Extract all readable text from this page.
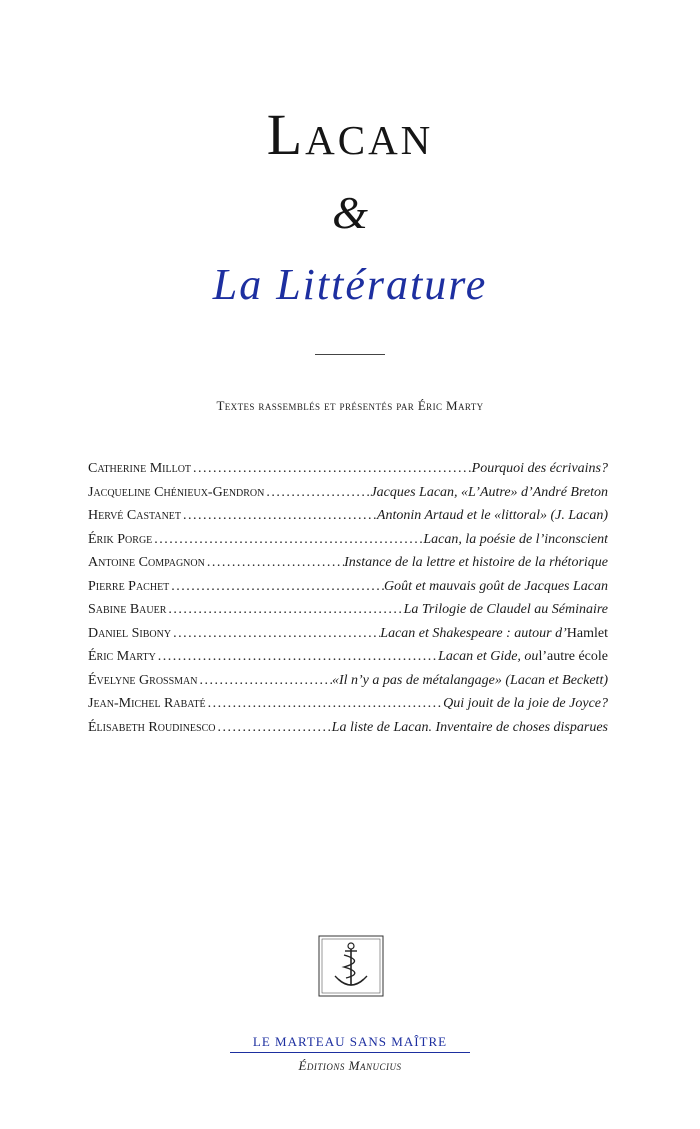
Lacan
&
La Littérature
Textes rassemblés et présentés par Éric Marty
Catherine Millot .....	Pourquoi des écrivains?
Jacqueline Chénieux-Gendron .....	Jacques Lacan, «L’Autre» d’André Breton
Hervé Castanet .....	Antonin Artaud et le «littoral» (J. Lacan)
Érik Porge .....	Lacan, la poésie de l’inconscient
Antoine Compagnon .....	Instance de la lettre et histoire de la rhétorique
Pierre Pachet .....	Goût et mauvais goût de Jacques Lacan
Sabine Bauer .....	La Trilogie de Claudel au Séminaire
Daniel Sibony .....	Lacan et Shakespeare : autour d’ Hamlet
Éric Marty .....	Lacan et Gide, ou l’autre école
Évelyne Grossman .....	«Il n’y a pas de métalangage» (Lacan et Beckett)
Jean-Michel Rabaté .....	Qui jouit de la joie de Joyce?
Élisabeth Roudinesco .....	La liste de Lacan. Inventaire de choses disparues
LE MARTEAU SANS MAÎTRE
Éditions Manucius
